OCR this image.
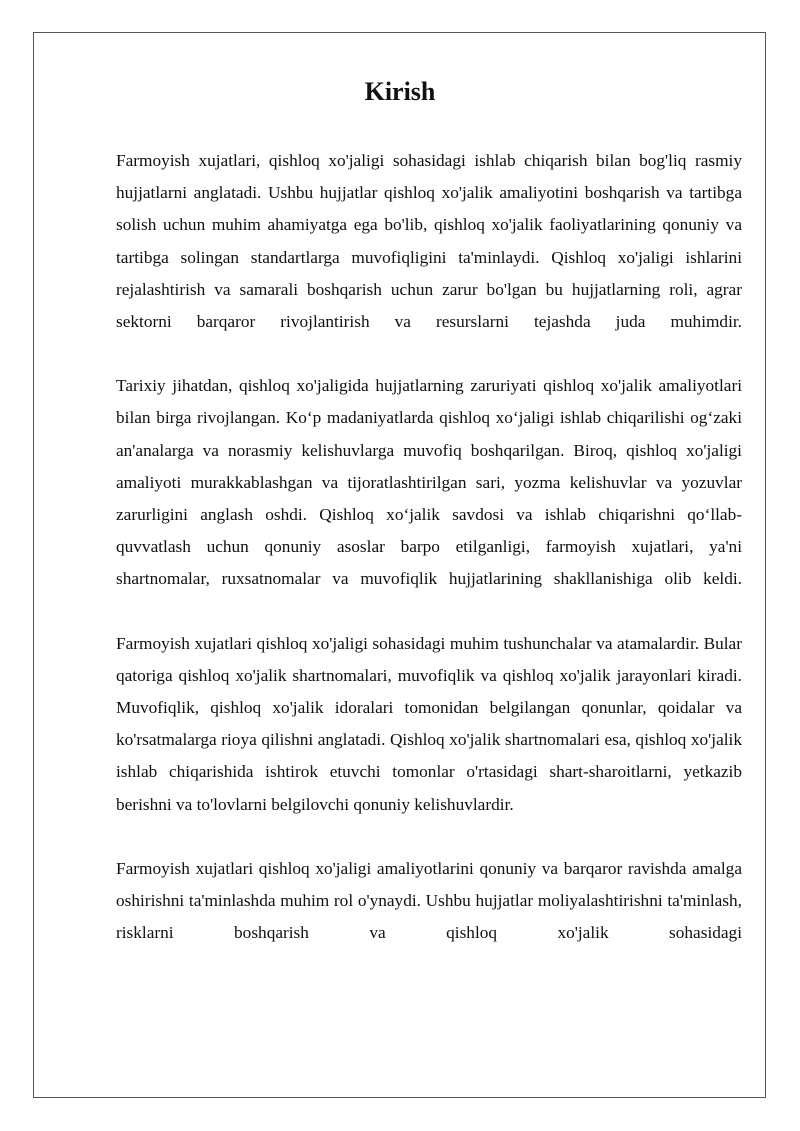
Kirish

Farmoyish xujatlari, qishloq xo'jaligi sohasidagi ishlab chiqarish bilan bog'liq rasmiy hujjatlarni anglatadi. Ushbu hujjatlar qishloq xo'jalik amaliyotini boshqarish va tartibga solish uchun muhim ahamiyatga ega bo'lib, qishloq xo'jalik faoliyatlarining qonuniy va tartibga solingan standartlarga muvofiqligini ta'minlaydi. Qishloq xo'jaligi ishlarini rejalashtirish va samarali boshqarish uchun zarur bo'lgan bu hujjatlarning roli, agrar sektorni barqaror rivojlantirish va resurslarni tejashda juda muhimdir.

Tarixiy jihatdan, qishloq xo'jaligida hujjatlarning zaruriyati qishloq xo'jalik amaliyotlari bilan birga rivojlangan. Ko‘p madaniyatlarda qishloq xo‘jaligi ishlab chiqarilishi og‘zaki an'analarga va norasmiy kelishuvlarga muvofiq boshqarilgan. Biroq, qishloq xo'jaligi amaliyoti murakkablashgan va tijoratlashtirilgan sari, yozma kelishuvlar va yozuvlar zarurligini anglash oshdi. Qishloq xo‘jalik savdosi va ishlab chiqarishni qo‘llab-quvvatlash uchun qonuniy asoslar barpo etilganligi, farmoyish xujatlari, ya'ni shartnomalar, ruxsatnomalar va muvofiqlik hujjatlarining shakllanishiga olib keldi.

Farmoyish xujatlari qishloq xo'jaligi sohasidagi muhim tushunchalar va atamalardir. Bular qatoriga qishloq xo'jalik shartnomalari, muvofiqlik va qishloq xo'jalik jarayonlari kiradi. Muvofiqlik, qishloq xo'jalik idoralari tomonidan belgilangan qonunlar, qoidalar va ko'rsatmalarga rioya qilishni anglatadi. Qishloq xo'jalik shartnomalari esa, qishloq xo'jalik ishlab chiqarishida ishtirok etuvchi tomonlar o'rtasidagi shart-sharoitlarni, yetkazib berishni va to'lovlarni belgilovchi qonuniy kelishuvlardir.

Farmoyish xujatlari qishloq xo'jaligi amaliyotlarini qonuniy va barqaror ravishda amalga oshirishni ta'minlashda muhim rol o'ynaydi. Ushbu hujjatlar moliyalashtirishni ta'minlash, risklarni boshqarish va qishloq xo'jalik sohasidagi
